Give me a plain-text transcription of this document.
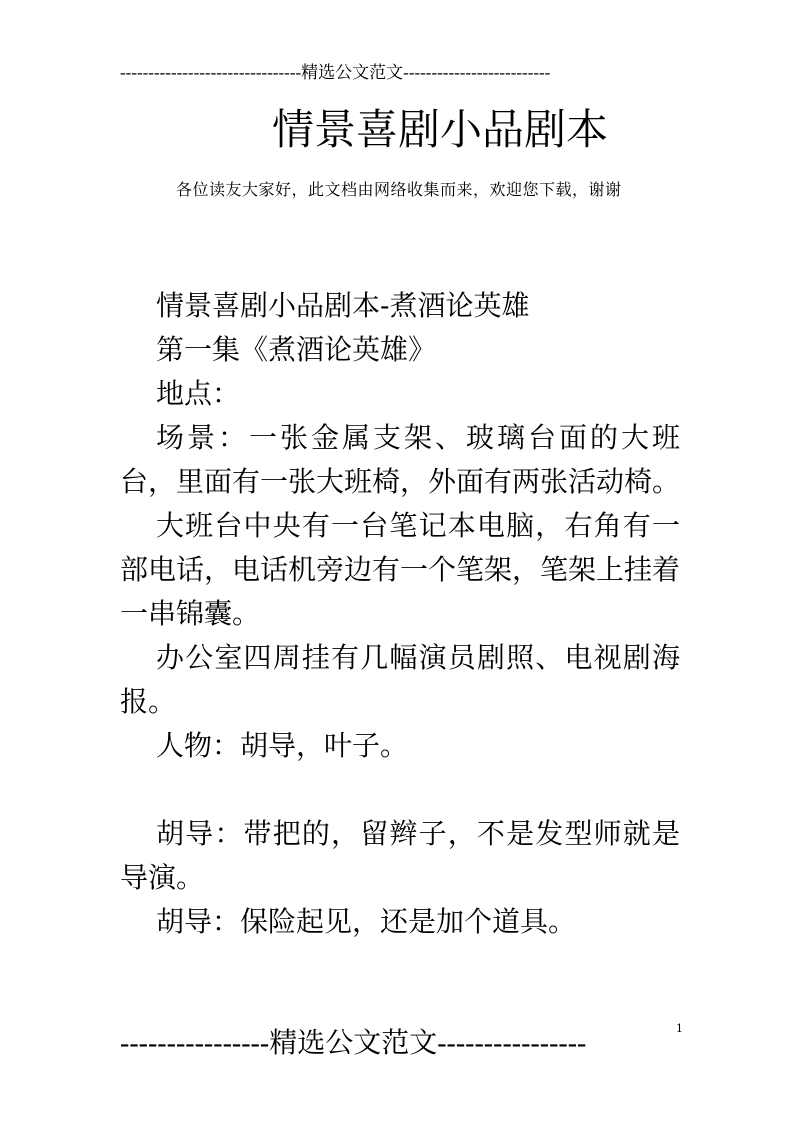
--------------------------------精选公文范文--------------------------
情景喜剧小品剧本
各位读友大家好，此文档由网络收集而来，欢迎您下载，谢谢

情景喜剧小品剧本-煮酒论英雄

第一集《煮酒论英雄》

地点：

场景：一张金属支架、玻璃台面的大班台，里面有一张大班椅，外面有两张活动椅。

大班台中央有一台笔记本电脑，右角有一部电话，电话机旁边有一个笔架，笔架上挂着一串锦囊。

办公室四周挂有几幅演员剧照、电视剧海报。

人物：胡导，叶子。

胡导：带把的，留辫子，不是发型师就是导演。

胡导：保险起见，还是加个道具。

----------------精选公文范文----------------	1
